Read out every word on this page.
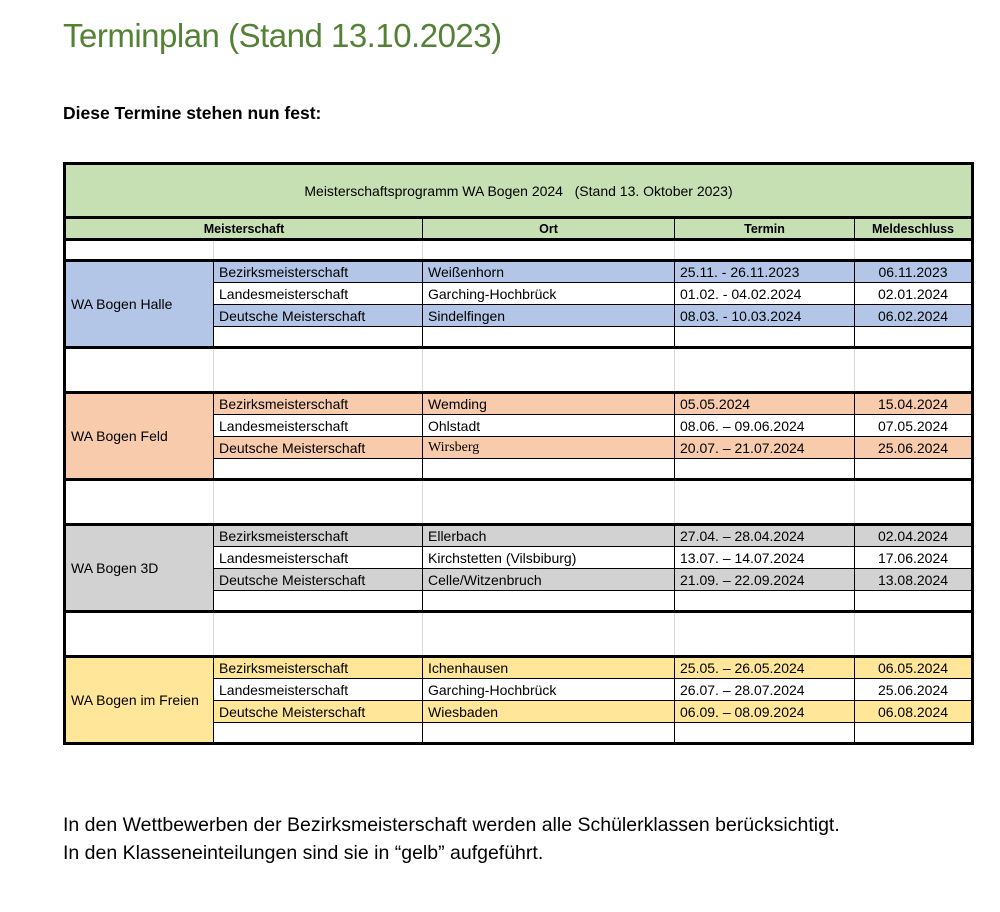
Terminplan (Stand 13.10.2023)
Diese Termine stehen nun fest:
Meisterschaftsprogramm WA Bogen 2024   (Stand 13. Oktober 2023)				
Meisterschaft		Ort	Termin	Meldeschluss

WA Bogen Halle	Bezirksmeisterschaft	Weißenhorn	25.11. - 26.11.2023	06.11.2023
	Landesmeisterschaft	Garching-Hochbrück	01.02. - 04.02.2024	02.01.2024
	Deutsche Meisterschaft	Sindelfingen	08.03. - 10.03.2024	06.02.2024

WA Bogen Feld	Bezirksmeisterschaft	Wemding	05.05.2024	15.04.2024
	Landesmeisterschaft	Ohlstadt	08.06. – 09.06.2024	07.05.2024
	Deutsche Meisterschaft	Wirsberg	20.07. – 21.07.2024	25.06.2024

WA Bogen 3D	Bezirksmeisterschaft	Ellerbach	27.04. – 28.04.2024	02.04.2024
	Landesmeisterschaft	Kirchstetten (Vilsbiburg)	13.07. – 14.07.2024	17.06.2024
	Deutsche Meisterschaft	Celle/Witzenbruch	21.09. – 22.09.2024	13.08.2024

WA Bogen im Freien	Bezirksmeisterschaft	Ichenhausen	25.05. – 26.05.2024	06.05.2024
	Landesmeisterschaft	Garching-Hochbrück	26.07. – 28.07.2024	25.06.2024
	Deutsche Meisterschaft	Wiesbaden	06.09. – 08.09.2024	06.08.2024

In den Wettbewerben der Bezirksmeisterschaft werden alle Schülerklassen berücksichtigt.
In den Klasseneinteilungen sind sie in “gelb” aufgeführt.
